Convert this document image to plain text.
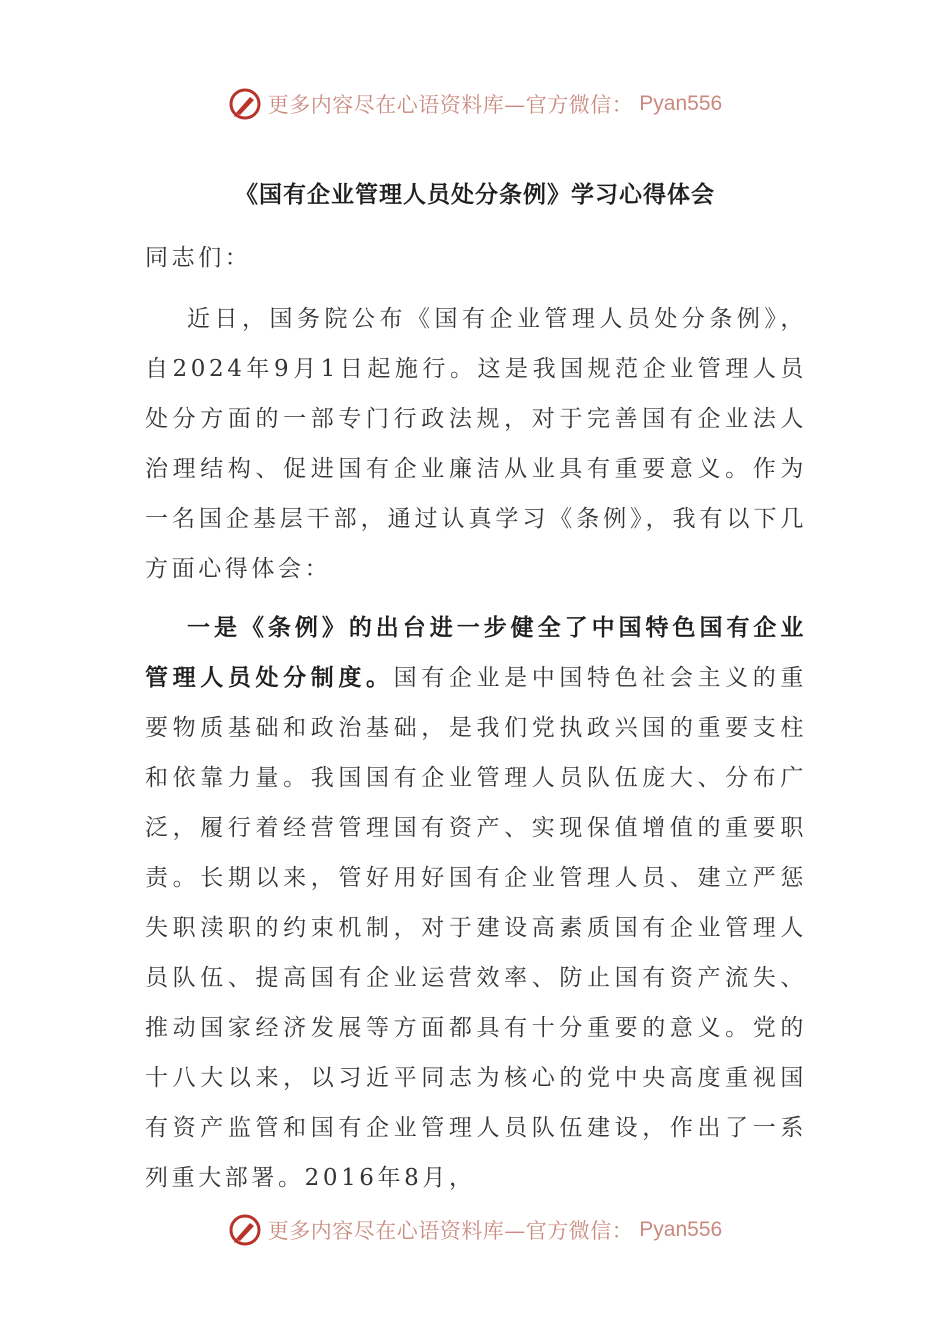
更多内容尽在心语资料库—官方微信： Pyan556
《国有企业管理人员处分条例》学习心得体会
同志们：
近日，国务院公布《国有企业管理人员处分条例》，自2024年9月1日起施行。这是我国规范企业管理人员处分方面的一部专门行政法规，对于完善国有企业法人治理结构、促进国有企业廉洁从业具有重要意义。作为一名国企基层干部，通过认真学习《条例》，我有以下几方面心得体会：
一是《条例》的出台进一步健全了中国特色国有企业管理人员处分制度。国有企业是中国特色社会主义的重要物质基础和政治基础，是我们党执政兴国的重要支柱和依靠力量。我国国有企业管理人员队伍庞大、分布广泛，履行着经营管理国有资产、实现保值增值的重要职责。长期以来，管好用好国有企业管理人员、建立严惩失职渎职的约束机制，对于建设高素质国有企业管理人员队伍、提高国有企业运营效率、防止国有资产流失、推动国家经济发展等方面都具有十分重要的意义。党的十八大以来，以习近平同志为核心的党中央高度重视国有资产监管和国有企业管理人员队伍建设，作出了一系列重大部署。2016年8月，
更多内容尽在心语资料库—官方微信： Pyan556
